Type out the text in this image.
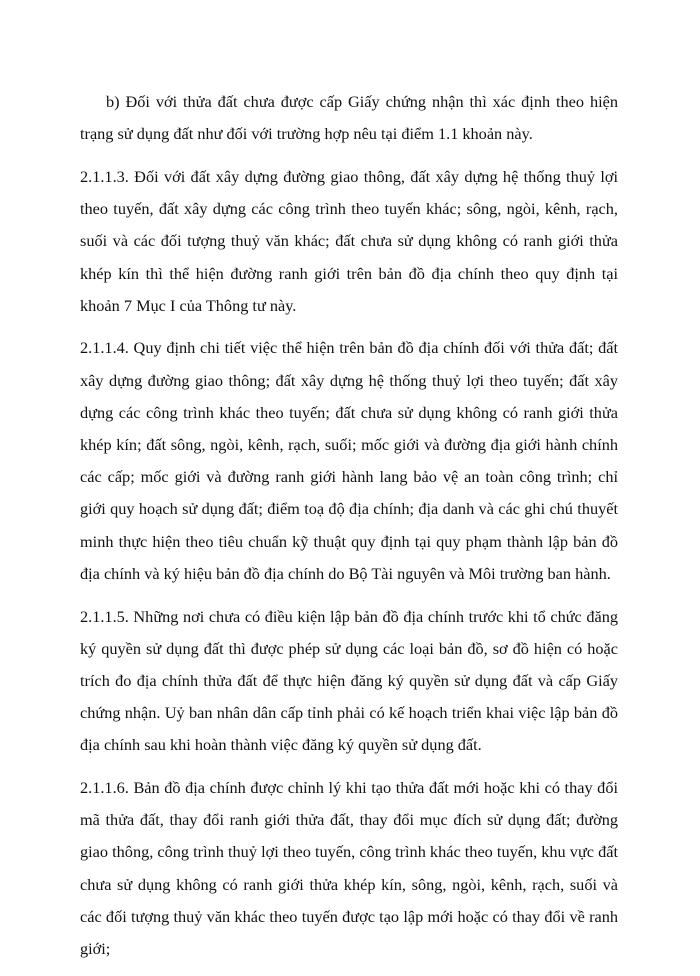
b) Đối với thửa đất chưa được cấp Giấy chứng nhận thì xác định theo hiện trạng sử dụng đất như đối với trường hợp nêu tại điểm 1.1 khoản này.

2.1.1.3. Đối với đất xây dựng đường giao thông, đất xây dựng hệ thống thuỷ lợi theo tuyến, đất xây dựng các công trình theo tuyến khác; sông, ngòi, kênh, rạch, suối và các đối tượng thuỷ văn khác; đất chưa sử dụng không có ranh giới thửa khép kín thì thể hiện đường ranh giới trên bản đồ địa chính theo quy định tại khoản 7 Mục I của Thông tư này.

2.1.1.4. Quy định chi tiết việc thể hiện trên bản đồ địa chính đối với thửa đất; đất xây dựng đường giao thông; đất xây dựng hệ thống thuỷ lợi theo tuyến; đất xây dựng các công trình khác theo tuyến; đất chưa sử dụng không có ranh giới thửa khép kín; đất sông, ngòi, kênh, rạch, suối; mốc giới và đường địa giới hành chính các cấp; mốc giới và đường ranh giới hành lang bảo vệ an toàn công trình; chỉ giới quy hoạch sử dụng đất; điểm toạ độ địa chính; địa danh và các ghi chú thuyết minh thực hiện theo tiêu chuẩn kỹ thuật quy định tại quy phạm thành lập bản đồ địa chính và ký hiệu bản đồ địa chính do Bộ Tài nguyên và Môi trường ban hành.

2.1.1.5. Những nơi chưa có điều kiện lập bản đồ địa chính trước khi tổ chức đăng ký quyền sử dụng đất thì được phép sử dụng các loại bản đồ, sơ đồ hiện có hoặc trích đo địa chính thửa đất để thực hiện đăng ký quyền sử dụng đất và cấp Giấy chứng nhận. Uỷ ban nhân dân cấp tỉnh phải có kế hoạch triển khai việc lập bản đồ địa chính sau khi hoàn thành việc đăng ký quyền sử dụng đất.

2.1.1.6. Bản đồ địa chính được chỉnh lý khi tạo thửa đất mới hoặc khi có thay đổi mã thửa đất, thay đổi ranh giới thửa đất, thay đổi mục đích sử dụng đất; đường giao thông, công trình thuỷ lợi theo tuyến, công trình khác theo tuyến, khu vực đất chưa sử dụng không có ranh giới thửa khép kín, sông, ngòi, kênh, rạch, suối và các đối tượng thuỷ văn khác theo tuyến được tạo lập mới hoặc có thay đổi về ranh giới;
